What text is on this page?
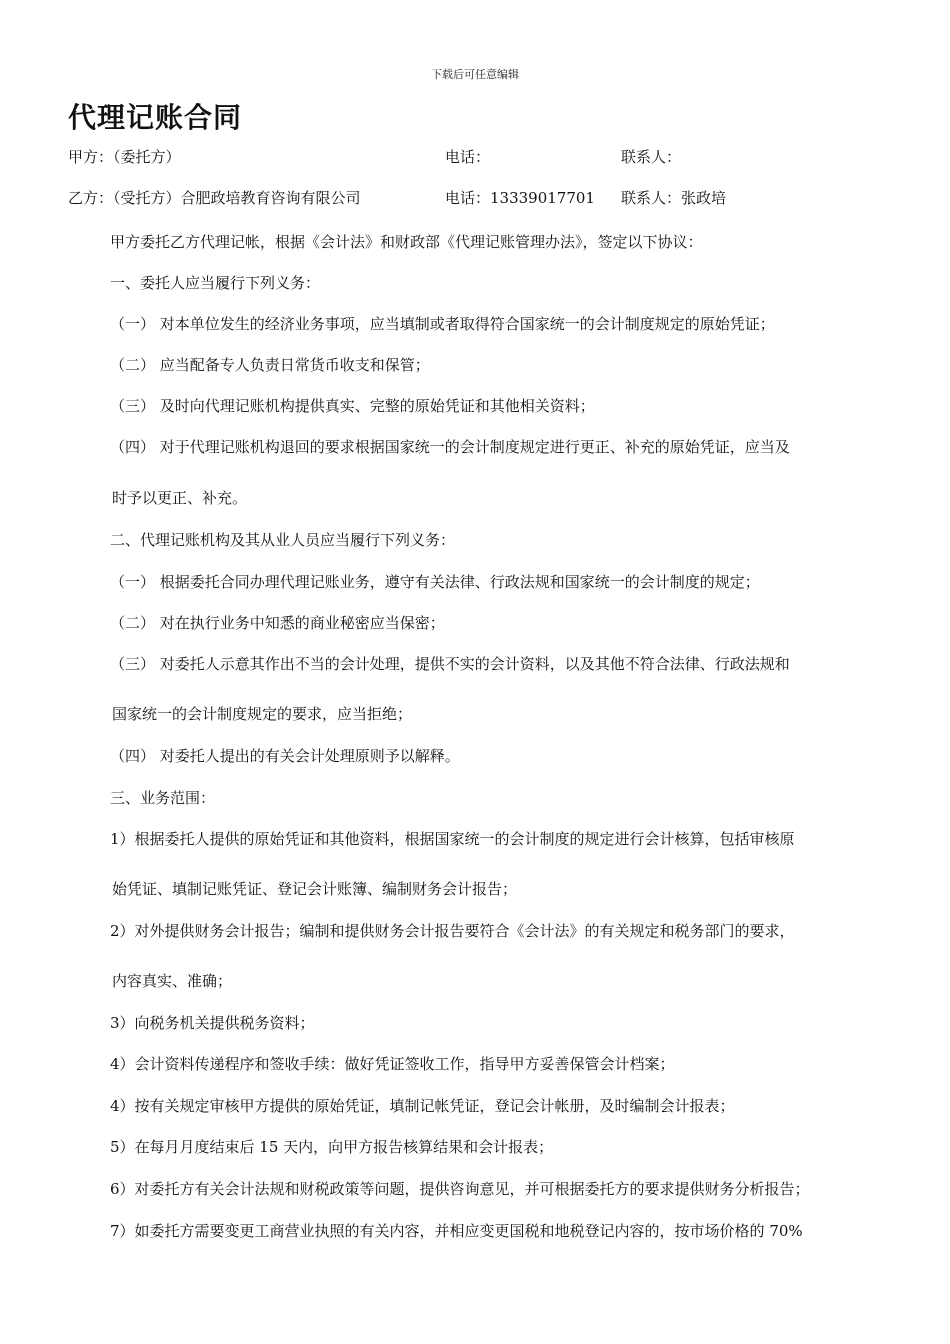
下载后可任意编辑
代理记账合同
甲方：（委托方）	电话：	联系人：
乙方：（受托方）合肥政培教育咨询有限公司	电话：13339017701 联系人：张政培
甲方委托乙方代理记帐，根据《会计法》和财政部《代理记账管理办法》，签定以下协议：
一、委托人应当履行下列义务：
（一） 对本单位发生的经济业务事项，应当填制或者取得符合国家统一的会计制度规定的原始凭证；
（二） 应当配备专人负责日常货币收支和保管；
（三） 及时向代理记账机构提供真实、完整的原始凭证和其他相关资料；
（四） 对于代理记账机构退回的要求根据国家统一的会计制度规定进行更正、补充的原始凭证，应当及
时予以更正、补充。
二、代理记账机构及其从业人员应当履行下列义务：
（一） 根据委托合同办理代理记账业务，遵守有关法律、行政法规和国家统一的会计制度的规定；
（二） 对在执行业务中知悉的商业秘密应当保密；
（三） 对委托人示意其作出不当的会计处理，提供不实的会计资料，以及其他不符合法律、行政法规和
国家统一的会计制度规定的要求，应当拒绝；
（四） 对委托人提出的有关会计处理原则予以解释。
三、业务范围：
1）根据委托人提供的原始凭证和其他资料，根据国家统一的会计制度的规定进行会计核算，包括审核原
始凭证、填制记账凭证、登记会计账簿、编制财务会计报告；
2）对外提供财务会计报告；编制和提供财务会计报告要符合《会计法》的有关规定和税务部门的要求，
内容真实、准确；
3）向税务机关提供税务资料；
4）会计资料传递程序和签收手续：做好凭证签收工作，指导甲方妥善保管会计档案；
4）按有关规定审核甲方提供的原始凭证，填制记帐凭证，登记会计帐册，及时编制会计报表；
5）在每月月度结束后 15 天内，向甲方报告核算结果和会计报表；
6）对委托方有关会计法规和财税政策等问题，提供咨询意见，并可根据委托方的要求提供财务分析报告；
7）如委托方需要变更工商营业执照的有关内容，并相应变更国税和地税登记内容的，按市场价格的 70%
